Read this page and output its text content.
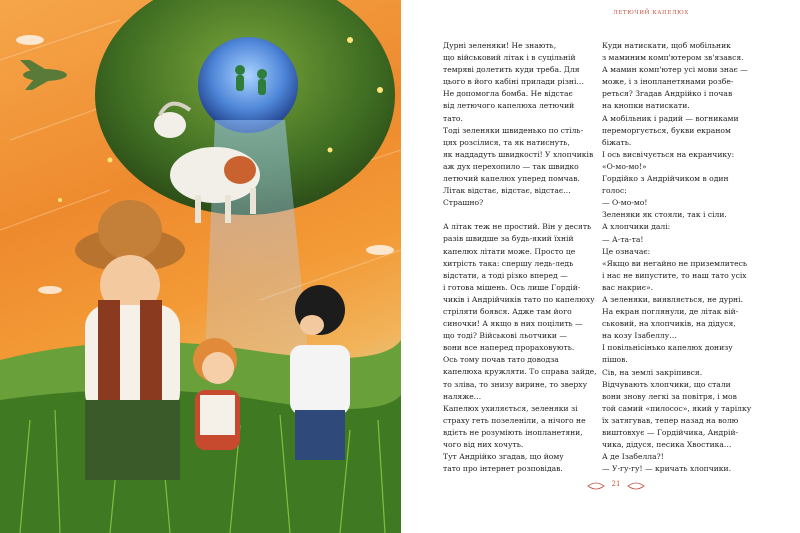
ЛЕТЮЧИЙ КАПЕЛЮХ
Дурні зеленяки! Не знають,
що військовий літак і в суцільній
темряві долетить куди треба. Для
цього в його кабіні прилади різні…
Не допомогла бомба. Не відстає
від летючого капелюха летючий
тато.
Тоді зеленяки швиденько по стіль-
цях розсілися, та як натиснуть,
як наддадуть швидкості! У хлопчиків
аж дух перехопило — так швидко
летючий капелюх уперед помчав.
Літак відстає, відстає, відстає…
Страшно?
А літак теж не простий. Він у десять
разів швидше за будь-який їхній
капелюх літати може. Просто це
хитрість така: спершу ледь-ледь
відстати, а тоді різко вперед —
і готова мішень. Ось лише Гордій-
чиків і Андрійчиків тато по капелюху
стріляти боявся. Адже там його
синочки! А якщо в них поцілить —
що тоді? Військові льотчики —
вони все наперед прораховують.
Ось тому почав тато доводза
капелюха кружляти. То справа зайде,
то зліва, то знизу вирине, то зверху
наляже…
Капелюх ухиляється, зеленяки зі
страху геть позеленіли, а нічого не
вдієть не розуміють інопланетяни,
чого від них хочуть.
Тут Андрійко згадав, що йому
тато про інтернет розповідав.
Куди натискати, щоб мобільник
з маминим комп'ютером зв'язався.
А мамин комп'ютер усі мови знає —
може, і з інопланетянами розбе-
реться? Згадав Андрійко і почав
на кнопки натискати.
А мобільник і радий — вогниками
переморгується, букви екраном
біжать.
І ось висвічується на екранчику:
«О-мо-мо!»
Гордійко з Андрійчиком в один
голос:
— О-мо-мо!
Зеленяки як стояли, так і сіли.
А хлопчики далі:
— А-та-та!
Це означає:
«Якщо ви негайно не приземлитесь
і нас не випустите, то наш тато усіх
вас накриє».
А зеленяки, виявляється, не дурні.
На екран поглянули, де літак вій-
ськовий, на хлопчиків, на дідуся,
на козу Ізабеллу…
І повільнісінько капелюх донизу
пішов.
Сів, на землі закріпився.
Відчувають хлопчики, що стали
вони знову легкі за повітря, і мов
той самий «пилосос», який у тарілку
їх затягував, тепер назад на волю
виштовхує — Гордійчика, Андрій-
чика, дідуся, песика Хвостика…
А де Ізабелла?!
— У-гу-гу! — кричать хлопчики.
21
